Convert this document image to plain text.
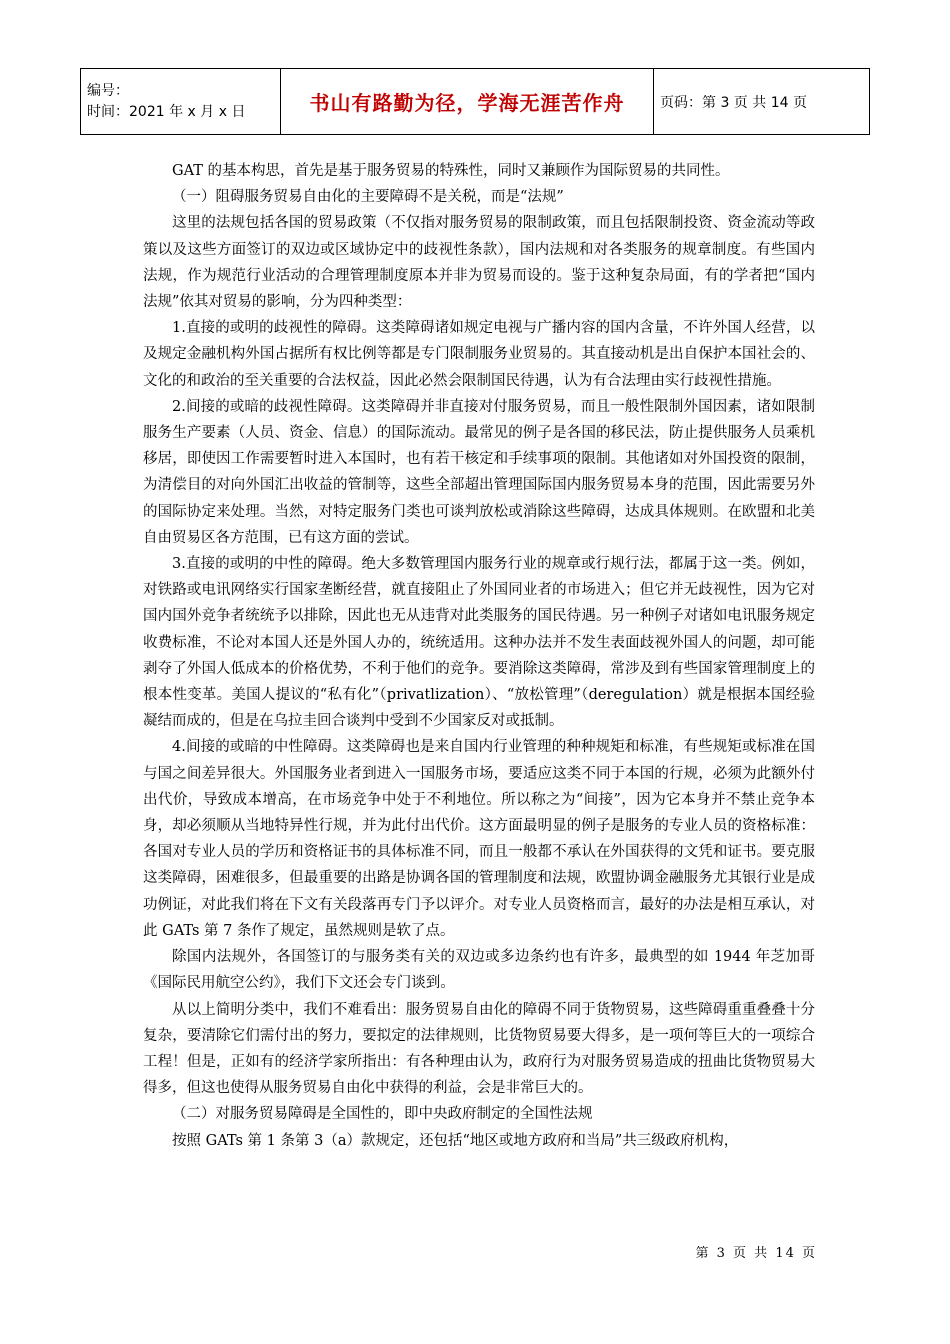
编号：
时间：2021 年 x 月 x 日	书山有路勤为径，学海无涯苦作舟	页码：第 3 页 共 14 页

GAT 的基本构思，首先是基于服务贸易的特殊性，同时又兼顾作为国际贸易的共同性。

（一）阻碍服务贸易自由化的主要障碍不是关税，而是“法规”

这里的法规包括各国的贸易政策（不仅指对服务贸易的限制政策，而且包括限制投资、资金流动等政策以及这些方面签订的双边或区域协定中的歧视性条款），国内法规和对各类服务的规章制度。有些国内法规，作为规范行业活动的合理管理制度原本并非为贸易而设的。鉴于这种复杂局面，有的学者把“国内法规”依其对贸易的影响，分为四种类型：

1.直接的或明的歧视性的障碍。这类障碍诸如规定电视与广播内容的国内含量，不许外国人经营，以及规定金融机构外国占据所有权比例等都是专门限制服务业贸易的。其直接动机是出自保护本国社会的、文化的和政治的至关重要的合法权益，因此必然会限制国民待遇，认为有合法理由实行歧视性措施。

2.间接的或暗的歧视性障碍。这类障碍并非直接对付服务贸易，而且一般性限制外国因素，诸如限制服务生产要素（人员、资金、信息）的国际流动。最常见的例子是各国的移民法，防止提供服务人员乘机移居，即使因工作需要暂时进入本国时，也有若干核定和手续事项的限制。其他诸如对外国投资的限制，为清偿目的对向外国汇出收益的管制等，这些全部超出管理国际国内服务贸易本身的范围，因此需要另外的国际协定来处理。当然，对特定服务门类也可谈判放松或消除这些障碍，达成具体规则。在欧盟和北美自由贸易区各方范围，已有这方面的尝试。

3.直接的或明的中性的障碍。绝大多数管理国内服务行业的规章或行规行法，都属于这一类。例如，对铁路或电讯网络实行国家垄断经营，就直接阻止了外国同业者的市场进入；但它并无歧视性，因为它对国内国外竞争者统统予以排除，因此也无从违背对此类服务的国民待遇。另一种例子对诸如电讯服务规定收费标准，不论对本国人还是外国人办的，统统适用。这种办法并不发生表面歧视外国人的问题，却可能剥夺了外国人低成本的价格优势，不利于他们的竞争。要消除这类障碍，常涉及到有些国家管理制度上的根本性变革。美国人提议的“私有化”（privatlization）、“放松管理”（deregulation）就是根据本国经验凝结而成的，但是在乌拉圭回合谈判中受到不少国家反对或抵制。

4.间接的或暗的中性障碍。这类障碍也是来自国内行业管理的种种规矩和标准，有些规矩或标准在国与国之间差异很大。外国服务业者到进入一国服务市场，要适应这类不同于本国的行规，必须为此额外付出代价，导致成本增高，在市场竞争中处于不利地位。所以称之为“间接”，因为它本身并不禁止竞争本身，却必须顺从当地特异性行规，并为此付出代价。这方面最明显的例子是服务的专业人员的资格标准：各国对专业人员的学历和资格证书的具体标准不同，而且一般都不承认在外国获得的文凭和证书。要克服这类障碍，困难很多，但最重要的出路是协调各国的管理制度和法规，欧盟协调金融服务尤其银行业是成功例证，对此我们将在下文有关段落再专门予以评介。对专业人员资格而言，最好的办法是相互承认，对此 GATs 第 7 条作了规定，虽然规则是软了点。

除国内法规外，各国签订的与服务类有关的双边或多边条约也有许多，最典型的如 1944 年芝加哥《国际民用航空公约》，我们下文还会专门谈到。

从以上简明分类中，我们不难看出：服务贸易自由化的障碍不同于货物贸易，这些障碍重重叠叠十分复杂，要清除它们需付出的努力，要拟定的法律规则，比货物贸易要大得多，是一项何等巨大的一项综合工程！但是，正如有的经济学家所指出：有各种理由认为，政府行为对服务贸易造成的扭曲比货物贸易大得多，但这也使得从服务贸易自由化中获得的利益，会是非常巨大的。

（二）对服务贸易障碍是全国性的，即中央政府制定的全国性法规

按照 GATs 第 1 条第 3（a）款规定，还包括“地区或地方政府和当局”共三级政府机构，

第 3 页 共 14 页
